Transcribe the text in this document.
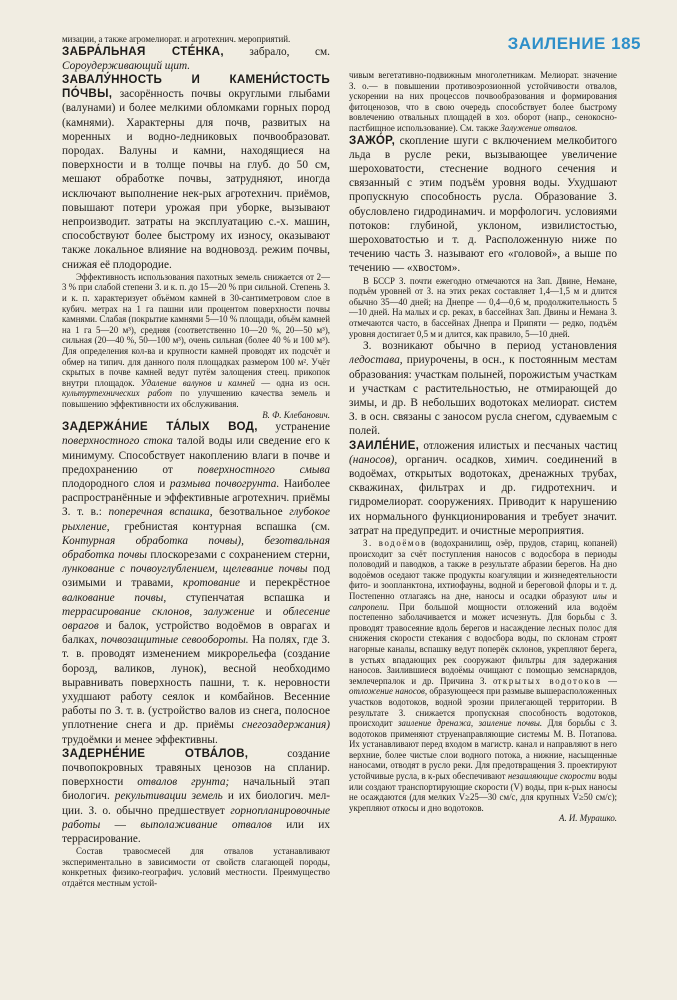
ЗАИЛЕНИЕ 185

мизации, а также агромелиорат. и агротехнич. мероприятий.

ЗАБРА́ЛЬНАЯ СТЕ́НКА, забрало, см. Сороудерживающий щит.

ЗАВАЛУ́ННОСТЬ И КАМЕНИ́СТОСТЬ ПО́ЧВЫ, засорённость почвы округлыми глыбами (валунами) и более мелкими обломками горных пород (камнями). Характерны для почв, развитых на моренных и водно-ледниковых почвообразоват. породах. Валуны и камни, находящиеся на поверхности и в толще почвы на глуб. до 50 см, мешают обработке почвы, затрудняют, иногда исключают выполнение нек-рых агротехнич. приёмов, повышают потери урожая при уборке, вызывают непроизводит. затраты на эксплуатацию с.-х. машин, способствуют более быстрому их износу, оказывают также локальное влияние на водновозд. режим почвы, снижая её плодородие.

Эффективность использования пахотных земель снижается от 2—3 % при слабой степени З. и к. п. до 15—20 % при сильной. Степень З. и к. п. характеризует объёмом камней в 30-сантиметровом слое в кубич. метрах на 1 га пашни или процентом поверхности почвы камнями. Слабая (покрытие камнями 5—10 % площади, объём камней на 1 га 5—20 м³), средняя (соответственно 10—20 %, 20—50 м³), сильная (20—40 %, 50—100 м³), очень сильная (более 40 % и 100 м³). Для определения кол-ва и крупности камней проводят их подсчёт и обмер на типич. для данного поля площадках размером 100 м². Учёт скрытых в почве камней ведут путём залощения стеец. прикопок внутри площадок. Удаление валунов и камней — одна из осн. культуртехнических работ по улучшению качества земель и повышению эффективности их обслуживания.

В. Ф. Клебанович.

ЗАДЕРЖА́НИЕ ТА́ЛЫХ ВОД, устранение поверхностного стока талой воды или сведение его к минимуму. Способствует накоплению влаги в почве и предохранению от поверхностного смыва плодородного слоя и размыва почвогрунта. Наиболее распространённые и эффективные агротехнич. приёмы З. т. в.: поперечная вспашка, безотвальное глубокое рыхление, гребнистая контурная вспашка (см. Контурная обработка почвы), безотвальная обработка почвы плоскорезами с сохранением стерни, лункование с почвоуглублением, щелевание почвы под озимыми и травами, кротование и перекрёстное валкование почвы, ступенчатая вспашка и террасирование склонов, залужение и облесение оврагов и балок, устройство водоёмов в оврагах и балках, почвозащитные севообороты. На полях, где З. т. в. проводят изменением микрорельефа (создание борозд, валиков, лунок), весной необходимо выравнивать поверхность пашни, т. к. неровности ухудшают работу сеялок и комбайнов. Весенние работы по З. т. в. (устройство валов из снега, полосное уплотнение снега и др. приёмы снегозадержания) трудоёмки и менее эффективны.

ЗАДЕРНЕ́НИЕ ОТВА́ЛОВ, создание почвопокровных травяных ценозов на спланир. поверхности отвалов грунта; начальный этап биологич. рекультивации земель и их биологич. мел-ции. З. о. обычно предшествует горнопланировочные работы — выполаживание отвалов или их террасирование.

Состав травосмесей для отвалов устанавливают экспериментально в зависимости от свойств слагающей породы, конкретных физико-географич. условий местности. Преимущество отдаётся местным устой-

чивым вегетативно-подвижным многолетникам. Мелиорат. значение З. о.— в повышении противоэрозионной устойчивости отвалов, ускорении на них процессов почвообразования и формирования фитоценозов, что в свою очередь способствует более быстрому вовлечению отвальных площадей в хоз. оборот (напр., сенокосно-пастбищное использование). См. также Залужение отвалов.

ЗАЖО́Р, скопление шуги с включением мелкобитого льда в русле реки, вызывающее увеличение шероховатости, стеснение водного сечения и связанный с этим подъём уровня воды. Ухудшают пропускную способность русла. Образование З. обусловлено гидродинамич. и морфологич. условиями потоков: глубиной, уклоном, извилистостью, шероховатостью и т. д. Расположенную ниже по течению часть З. называют его «головой», а выше по течению — «хвостом».

В БССР З. почти ежегодно отмечаются на Зап. Двине, Немане, подъём уровней от З. на этих реках составляет 1,4—1,5 м и длится обычно 35—40 дней; на Днепре — 0,4—0,6 м, продолжительность 5—10 дней. На малых и ср. реках, в бассейнах Зап. Двины и Немана З. отмечаются часто, в бассейнах Днепра и Припяти — редко, подъём уровня достигает 0,5 м и длится, как правило, 5—10 дней.

З. возникают обычно в период установления ледостава, приурочены, в осн., к постоянным местам образования: участкам полыней, порожистым участкам и участкам с растительностью, не отмирающей до зимы, и др. В небольших водотоках мелиорат. систем З. в осн. связаны с заносом русла снегом, сдуваемым с полей.

ЗАИЛЕ́НИЕ, отложения илистых и песчаных частиц (наносов), органич. осадков, химич. соединений в водоёмах, открытых водотоках, дренажных трубах, скважинах, фильтрах и др. гидротехнич. и гидромелиорат. сооружениях. Приводит к нарушению их нормального функционирования и требует значит. затрат на предупредит. и очистные мероприятия.

З. водоёмов (водохранилищ, озёр, прудов, стариц, копаней) происходит за счёт поступления наносов с водосбора в периоды половодий и паводков, а также в результате абразии берегов. На дно водоёмов оседают также продукты коагуляции и жизнедеятельности фито- и зоопланктона, ихтиофауны, водной и береговой флоры и т. д. Постепенно отлагаясь на дне, наносы и осадки образуют илы и сапропели. При большой мощности отложений ила водоём постепенно заболачивается и может исчезнуть. Для борьбы с З. проводят травосеяние вдоль берегов и насаждение лесных полос для снижения скорости стекания с водосбора воды, по склонам строят нагорные каналы, вспашку ведут поперёк склонов, укрепляют берега, в устьях впадающих рек сооружают фильтры для задержания наносов. Заилившиеся водоёмы очищают с помощью земснарядов, землечерпалок и др. Причина З. открытых водотоков — отложение наносов, образующееся при размыве вышерасположенных участков водотоков, водной эрозии прилегающей территории. В результате З. снижается пропускная способность водотоков, происходит заиление дренажа, заиление почвы. Для борьбы с З. водотоков применяют струенаправляющие системы М. В. Потапова. Их устанавливают перед входом в магистр. канал и направляют в него верхние, более чистые слои водного потока, а нижние, насыщенные наносами, отводят в русло реки. Для предотвращения З. проектируют устойчивые русла, в к-рых обеспечивают незаиляющие скорости воды или создают транспортирующие скорости (V) воды, при к-рых наносы не осаждаются (для мелких V≥25—30 см/с, для крупных V≥50 см/с); укрепляют откосы и дно водотоков.

А. И. Мурашко.
